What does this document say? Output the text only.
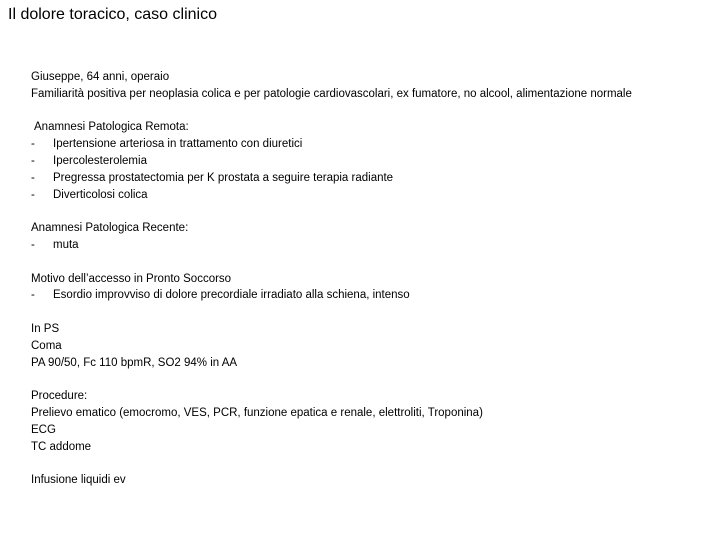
Il dolore toracico, caso clinico

Giuseppe, 64 anni, operaio

Familiarità positiva per neoplasia colica e per patologie cardiovascolari, ex fumatore, no alcool, alimentazione normale

Anamnesi Patologica Remota:

-	Ipertensione arteriosa in trattamento con diuretici
-	Ipercolesterolemia
-	Pregressa prostatectomia per K prostata a seguire terapia radiante
-	Diverticolosi colica

Anamnesi Patologica Recente:

-	muta

Motivo dell’accesso in Pronto Soccorso

-	Esordio improvviso di dolore precordiale irradiato alla schiena, intenso

In PS

Coma

PA 90/50, Fc 110 bpmR, SO2 94% in AA

Procedure:

Prelievo ematico (emocromo, VES, PCR, funzione epatica e renale, elettroliti, Troponina)

ECG

TC addome

Infusione liquidi ev
